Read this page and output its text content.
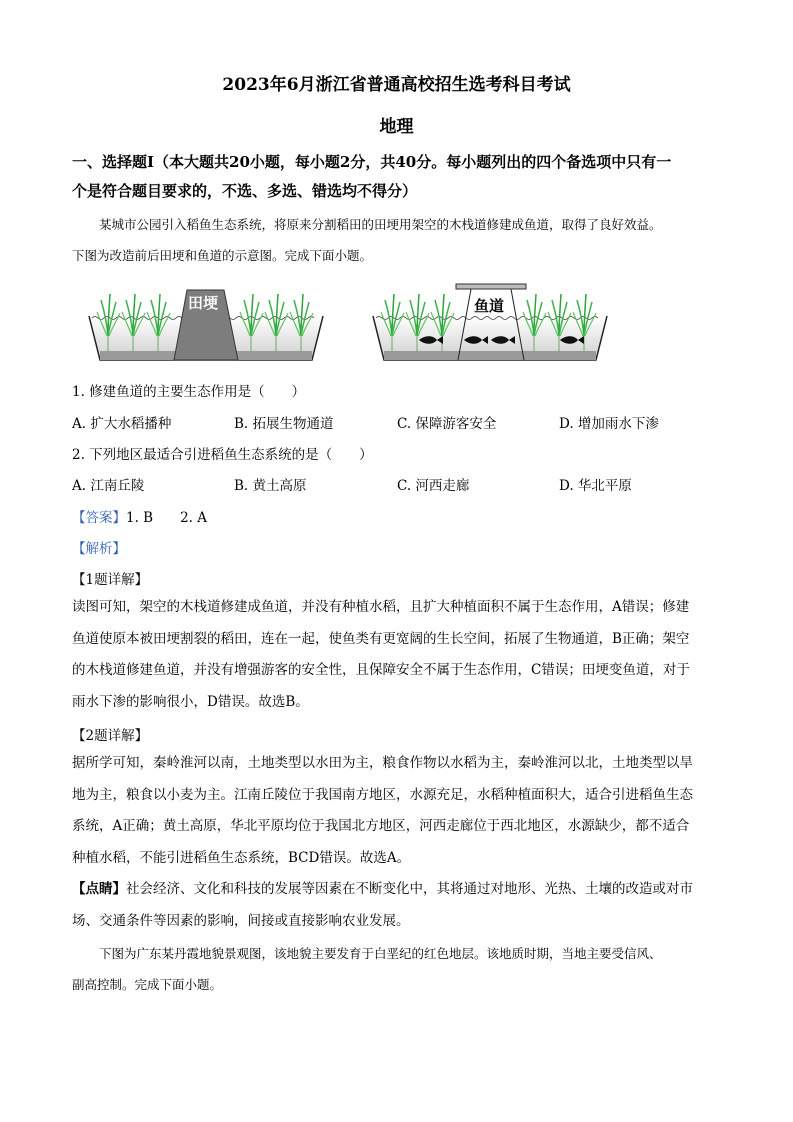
2023年6月浙江省普通高校招生选考科目考试
地理
一、选择题Ⅰ（本大题共20小题，每小题2分，共40分。每小题列出的四个备选项中只有一
个是符合题目要求的，不选、多选、错选均不得分）
某城市公园引入稻鱼生态系统，将原来分割稻田的田埂用架空的木栈道修建成鱼道，取得了良好效益。
下图为改造前后田埂和鱼道的示意图。完成下面小题。
田埂	鱼道
1. 修建鱼道的主要生态作用是（　　）
A. 扩大水稻播种	B. 拓展生物通道	C. 保障游客安全	D. 增加雨水下渗
2. 下列地区最适合引进稻鱼生态系统的是（　　）
A. 江南丘陵	B. 黄土高原	C. 河西走廊	D. 华北平原
【答案】1. B　　2. A
【解析】
【1题详解】
读图可知，架空的木栈道修建成鱼道，并没有种植水稻，且扩大种植面积不属于生态作用，A错误；修建
鱼道使原本被田埂割裂的稻田，连在一起，使鱼类有更宽阔的生长空间，拓展了生物通道，B正确；架空
的木栈道修建鱼道，并没有增强游客的安全性，且保障安全不属于生态作用，C错误；田埂变鱼道，对于
雨水下渗的影响很小，D错误。故选B。
【2题详解】
据所学可知，秦岭淮河以南，土地类型以水田为主，粮食作物以水稻为主，秦岭淮河以北，土地类型以旱
地为主，粮食以小麦为主。江南丘陵位于我国南方地区，水源充足，水稻种植面积大，适合引进稻鱼生态
系统，A正确；黄土高原，华北平原均位于我国北方地区，河西走廊位于西北地区，水源缺少，都不适合
种植水稻，不能引进稻鱼生态系统，BCD错误。故选A。
【点睛】社会经济、文化和科技的发展等因素在不断变化中，其将通过对地形、光热、土壤的改造或对市
场、交通条件等因素的影响，间接或直接影响农业发展。
下图为广东某丹霞地貌景观图，该地貌主要发育于白垩纪的红色地层。该地质时期，当地主要受信风、
副高控制。完成下面小题。
